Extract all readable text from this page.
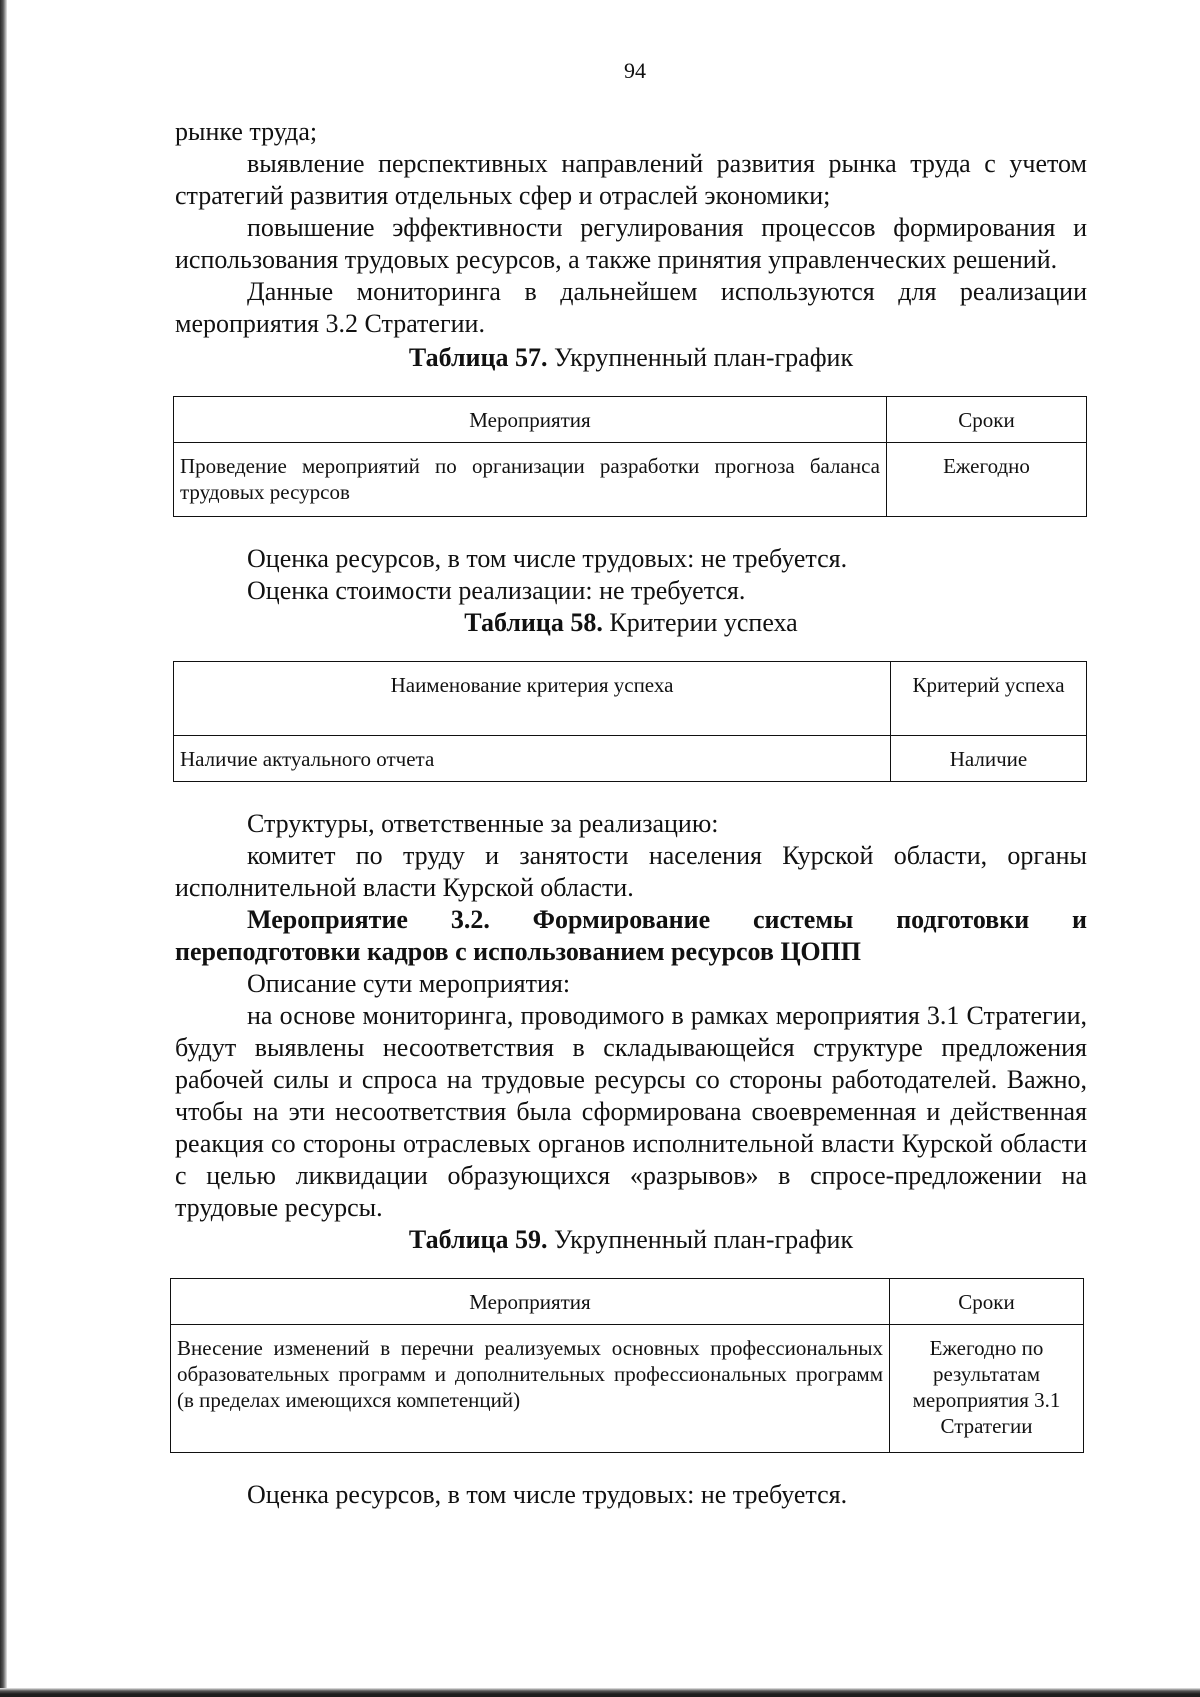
94

рынке труда;

выявление перспективных направлений развития рынка труда с учетом стратегий развития отдельных сфер и отраслей экономики;

повышение эффективности регулирования процессов формирования и использования трудовых ресурсов, а также принятия управленческих решений.

Данные мониторинга в дальнейшем используются для реализации мероприятия 3.2 Стратегии.

Таблица 57. Укрупненный план-график

Мероприятия	Сроки
Проведение мероприятий по организации разработки прогноза баланса трудовых ресурсов	Ежегодно

Оценка ресурсов, в том числе трудовых: не требуется.

Оценка стоимости реализации: не требуется.

Таблица 58. Критерии успеха

Наименование критерия успеха	Критерий успеха
Наличие актуального отчета	Наличие

Структуры, ответственные за реализацию:

комитет по труду и занятости населения Курской области, органы исполнительной власти Курской области.

Мероприятие 3.2. Формирование системы подготовки и переподготовки кадров с использованием ресурсов ЦОПП

Описание сути мероприятия:

на основе мониторинга, проводимого в рамках мероприятия 3.1 Стратегии, будут выявлены несоответствия в складывающейся структуре предложения рабочей силы и спроса на трудовые ресурсы со стороны работодателей. Важно, чтобы на эти несоответствия была сформирована своевременная и действенная реакция со стороны отраслевых органов исполнительной власти Курской области с целью ликвидации образующихся «разрывов» в спросе-предложении на трудовые ресурсы.

Таблица 59. Укрупненный план-график

Мероприятия	Сроки
Внесение изменений в перечни реализуемых основных профессиональных образовательных программ и дополнительных профессиональных программ (в пределах имеющихся компетенций)	Ежегодно по результатам мероприятия 3.1 Стратегии

Оценка ресурсов, в том числе трудовых: не требуется.
